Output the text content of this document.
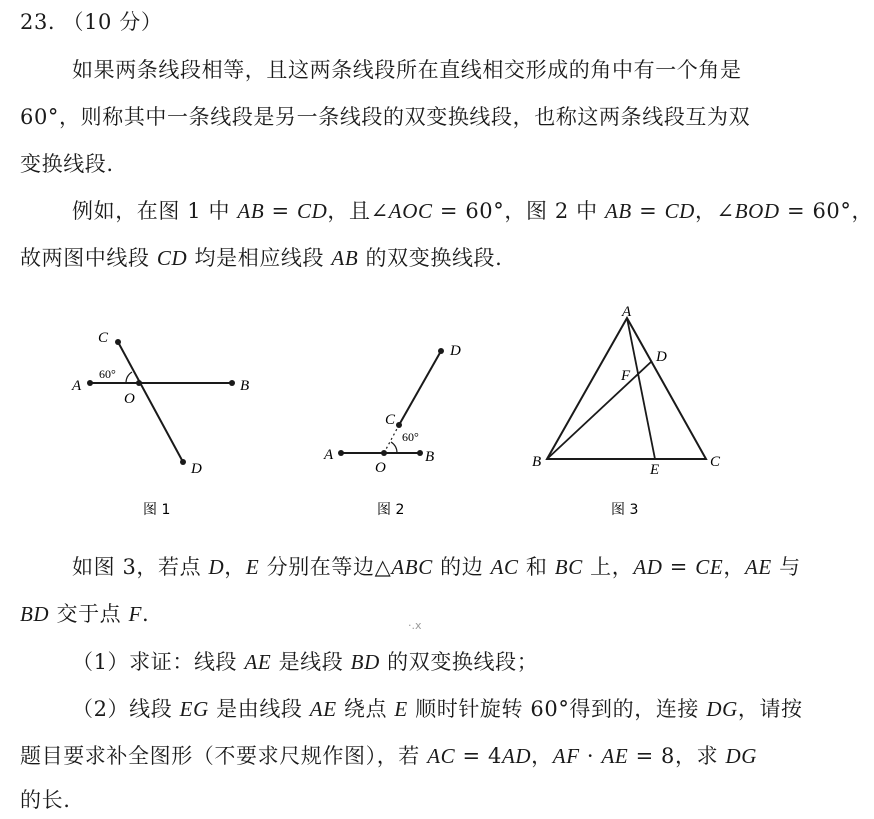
23. （10 分）
如果两条线段相等，且这两条线段所在直线相交形成的角中有一个角是
60°，则称其中一条线段是另一条线段的双变换线段，也称这两条线段互为双
变换线段.
例如，在图 1 中 AB = CD，且∠AOC = 60°，图 2 中 AB = CD，∠BOD = 60°，
故两图中线段 CD 均是相应线段 AB 的双变换线段.
A	B
C
D
O
60°
图 1
A	B
C
D
O
60°
图 2
A
B	C
D
E
F
图 3
如图 3，若点 D，E 分别在等边△ABC 的边 AC 和 BC 上，AD = CE，AE 与
BD 交于点 F.	·.x
（1）求证：线段 AE 是线段 BD 的双变换线段；
（2）线段 EG 是由线段 AE 绕点 E 顺时针旋转 60°得到的，连接 DG，请按
题目要求补全图形（不要求尺规作图），若 AC = 4AD，AF · AE = 8，求 DG
的长.
